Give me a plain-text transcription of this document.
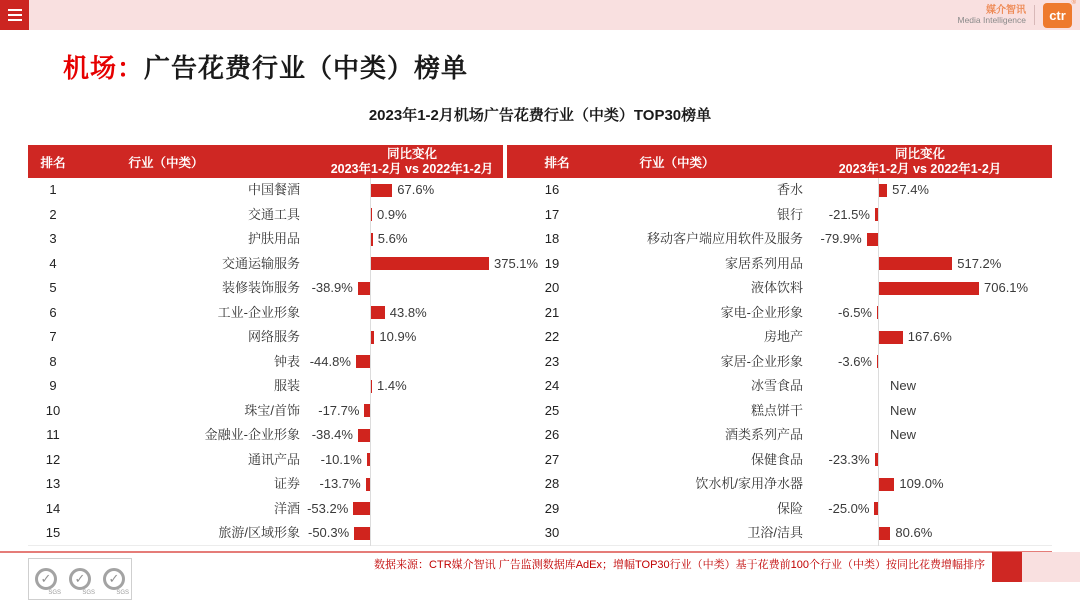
媒介智讯
Media Intelligence ctr
®
机场：广告花费行业（中类）榜单
2023年1-2月机场广告花费行业（中类）TOP30榜单
排名	行业（中类）
同比变化
2023年1-2月 vs 2022年1-2月	排名	行业（中类）
同比变化
2023年1-2月 vs 2022年1-2月
1	中国餐酒	67.6%
2	交通工具	0.9%
3	护肤用品	5.6%
4	交通运输服务	375.1%
5	装修装饰服务 -38.9%
6	工业-企业形象	43.8%
7	网络服务	10.9%
8	钟表 -44.8%
9	服装	1.4%
10	珠宝/首饰 -17.7%
11	金融业-企业形象 -38.4%
12	通讯产品 -10.1%
13	证券 -13.7%
14	洋酒 -53.2%
15	旅游/区域形象 -50.3%
16	香水	57.4%
17	银行 -21.5%
18	移动客户端应用软件及服务 -79.9%
19	家居系列用品	517.2%
20	液体饮料	706.1%
21	家电-企业形象	-6.5%
22	房地产	167.6%
23	家居-企业形象	-3.6%
24	冰雪食品	New
25	糕点饼干	New
26	酒类系列产品	New
27	保健食品 -23.3%
28	饮水机/家用净水器	109.0%
29	保险 -25.0%
30	卫浴/洁具	80.6%
数据来源：CTR媒介智讯 广告监测数据库AdEx；增幅TOP30行业（中类）基于花费前100个行业（中类）按同比花费增幅排序
✓
SGS
✓
SGS
✓
SGS
